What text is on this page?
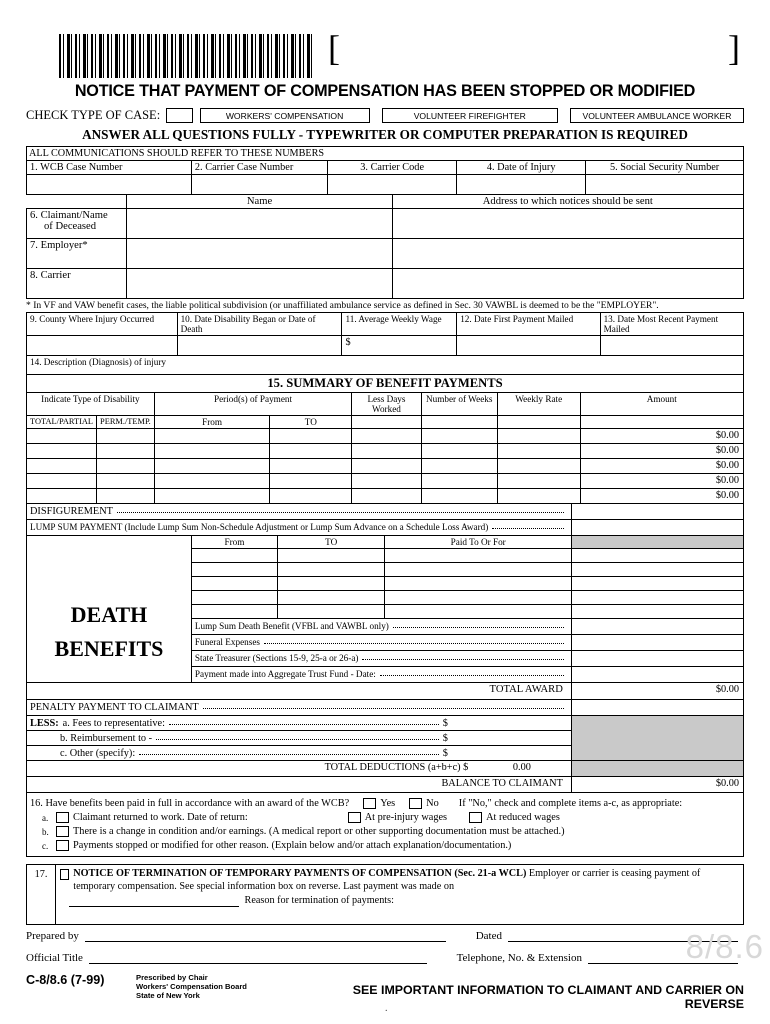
[	]
NOTICE THAT PAYMENT OF COMPENSATION HAS BEEN STOPPED OR MODIFIED
CHECK TYPE OF CASE:	WORKERS' COMPENSATION	VOLUNTEER FIREFIGHTER	VOLUNTEER AMBULANCE WORKER
ANSWER ALL QUESTIONS FULLY - TYPEWRITER OR COMPUTER PREPARATION IS REQUIRED
ALL COMMUNICATIONS SHOULD REFER TO THESE NUMBERS				
1. WCB Case Number	2. Carrier Case Number	3. Carrier Code	4. Date of Injury	5. Social Security Number

	Name	Address to which notices should be sent

6. Claimant/Name
of Deceased		

7. Employer*		
8. Carrier		
* In VF and VAW benefit cases, the liable political subdivision (or unaffiliated ambulance service as defined in Sec. 30 VAWBL is deemed to be the "EMPLOYER".
9. County Where Injury Occurred	10. Date Disability Began or Date of Death	11. Average Weekly Wage	12. Date First Payment Mailed	13. Date Most Recent Payment Mailed
		$		
14. Description (Diagnosis) of injury				
15. SUMMARY OF BENEFIT PAYMENTS							
Indicate Type of Disability		Period(s) of Payment		Less Days Worked	Number of Weeks	Weekly Rate	Amount
TOTAL/PARTIAL	PERM./TEMP.	From	TO				
							$0.00
							$0.00
							$0.00
							$0.00
							$0.00
DISFIGUREMENT	

LUMP SUM PAYMENT (Include Lump Sum Non-Schedule Adjustment or Lump Sum Advance on a Schedule Loss Award)	

DEATH
BENEFITS	From	TO	Paid To Or For	

	Lump Sum Death Benefit (VFBL and VAWBL only)			

	Funeral Expenses			

	State Treasurer (Sections 15-9, 25-a or 26-a)			

	Payment made into Aggregate Trust Fund - Date:			

TOTAL AWARD				$0.00
PENALTY PAYMENT TO CLAIMANT	

LESS: a. Fees to representative: $	

b. Reimbursement to - $	

c. Other (specify): $	

TOTAL DEDUCTIONS (a+b+c) $ 0.00	
BALANCE TO CLAIMANT	$0.00
16. Have benefits been paid in full in accordance with an award of the WCB?	Yes	No If "No," check and complete items a-c, as appropriate:
a.	Claimant returned to work. Date of return:	At pre-injury wages	At reduced wages
b.	There is a change in condition and/or earnings. (A medical report or other supporting documentation must be attached.)
c.	Payments stopped or modified for other reason. (Explain below and/or attach explanation/documentation.)
17.	NOTICE OF TERMINATION OF TEMPORARY PAYMENTS OF COMPENSATION (Sec. 21-a WCL) Employer or carrier is ceasing payment of temporary compensation. See special information box on reverse. Last payment was made on

Reason for termination of payments:
Prepared by	Dated
Official Title	Telephone, No. & Extension
C-8/8.6 (7-99)	Prescribed by Chair
Workers' Compensation Board
State of New York	SEE IMPORTANT INFORMATION TO CLAIMANT AND CARRIER ON REVERSE
8/8.6
.
